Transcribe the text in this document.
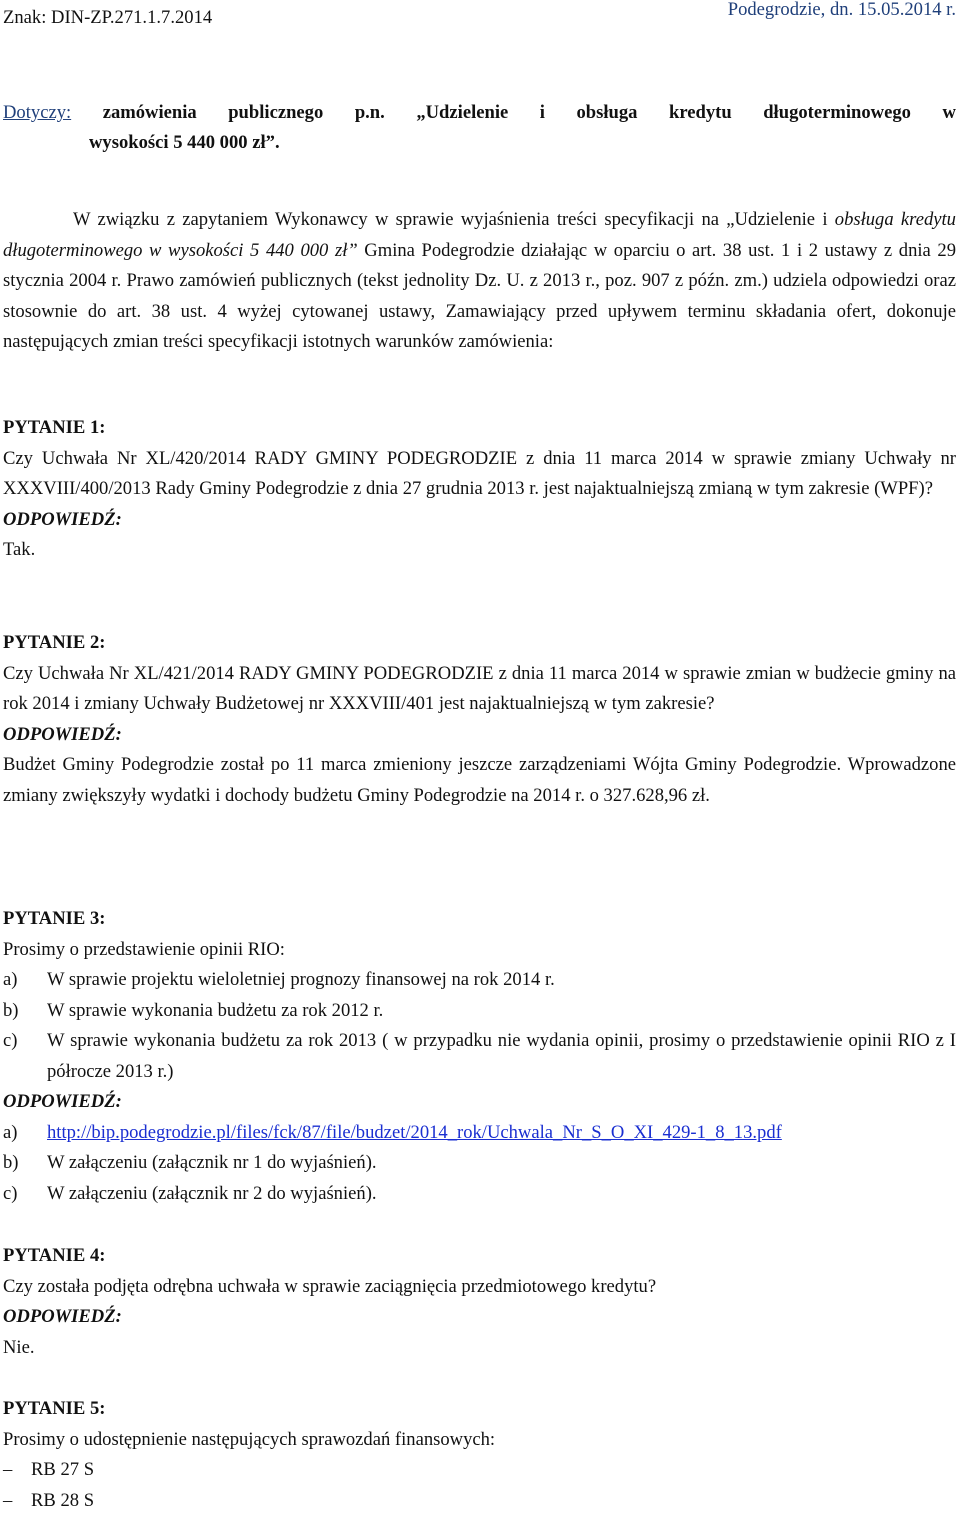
Znak: DIN-ZP.271.1.7.2014	Podegrodzie, dn. 15.05.2014 r.
Dotyczy: zamówienia publicznego p.n. „Udzielenie i obsługa kredytu długoterminowego w
wysokości 5 440 000 zł”.
W związku z zapytaniem Wykonawcy w sprawie wyjaśnienia treści specyfikacji na „Udzielenie i obsługa kredytu długoterminowego w wysokości 5 440 000 zł” Gmina Podegrodzie działając w oparciu o art. 38 ust. 1 i 2 ustawy z dnia 29 stycznia 2004 r. Prawo zamówień publicznych (tekst jednolity Dz. U. z 2013 r., poz. 907 z późn. zm.) udziela odpowiedzi oraz stosownie do art. 38 ust. 4 wyżej cytowanej ustawy, Zamawiający przed upływem terminu składania ofert, dokonuje następujących zmian treści specyfikacji istotnych warunków zamówienia:
PYTANIE 1:
Czy Uchwała Nr XL/420/2014 RADY GMINY PODEGRODZIE z dnia 11 marca 2014 w sprawie zmiany Uchwały nr XXXVIII/400/2013 Rady Gminy Podegrodzie z dnia 27 grudnia 2013 r. jest najaktualniejszą zmianą w tym zakresie (WPF)?
ODPOWIEDŹ:
Tak.
PYTANIE 2:
Czy Uchwała Nr XL/421/2014 RADY GMINY PODEGRODZIE z dnia 11 marca 2014 w sprawie zmian w budżecie gminy na rok 2014 i zmiany Uchwały Budżetowej nr XXXVIII/401 jest najaktualniejszą w tym zakresie?
ODPOWIEDŹ:
Budżet Gminy Podegrodzie został po 11 marca zmieniony jeszcze zarządzeniami Wójta Gminy Podegrodzie. Wprowadzone zmiany zwiększyły wydatki i dochody budżetu Gminy Podegrodzie na 2014 r. o 327.628,96 zł.
PYTANIE 3:
Prosimy o przedstawienie opinii RIO:
a)	W sprawie projektu wieloletniej prognozy finansowej na rok 2014 r.
b)	W sprawie wykonania budżetu za rok 2012 r.
c)	W sprawie wykonania budżetu za rok 2013 ( w przypadku nie wydania opinii, prosimy o przedstawienie opinii RIO z I półrocze 2013 r.)
ODPOWIEDŹ:
a)	http://bip.podegrodzie.pl/files/fck/87/file/budzet/2014_rok/Uchwala_Nr_S_O_XI_429-1_8_13.pdf
b)	W załączeniu (załącznik nr 1 do wyjaśnień).
c)	W załączeniu (załącznik nr 2 do wyjaśnień).
PYTANIE 4:
Czy została podjęta odrębna uchwała w sprawie zaciągnięcia przedmiotowego kredytu?
ODPOWIEDŹ:
Nie.
PYTANIE 5:
Prosimy o udostępnienie następujących sprawozdań finansowych:
–	RB 27 S
–	RB 28 S
